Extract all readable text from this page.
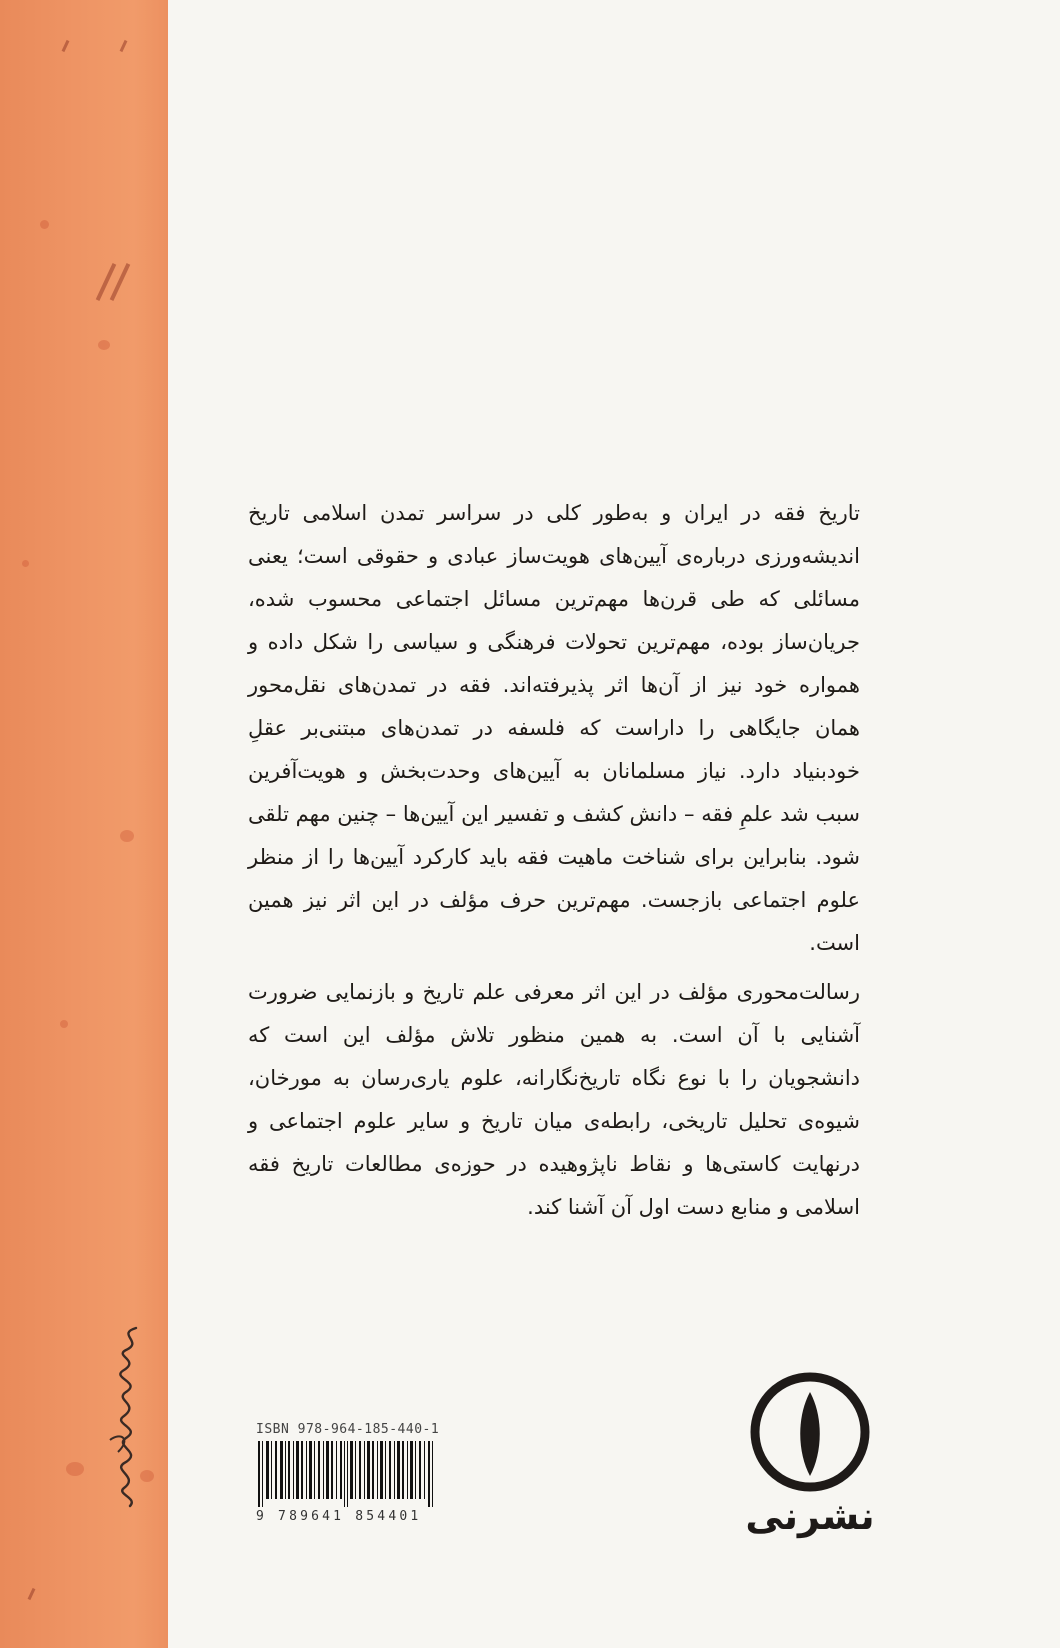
تاریخ فقه در ایران و به‌طور کلی در سراسر تمدن اسلامی تاریخ اندیشه‌ورزی درباره‌ی آیین‌های هویت‌ساز عبادی و حقوقی است؛ یعنی مسائلی که طی قرن‌ها مهم‌ترین مسائل اجتماعی محسوب شده، جریان‌ساز بوده، مهم‌ترین تحولات فرهنگی و سیاسی را شکل داده و همواره خود نیز از آن‌ها اثر پذیرفته‌اند. فقه در تمدن‌های نقل‌محور همان جایگاهی را داراست که فلسفه در تمدن‌های مبتنی‌بر عقلِ خودبنیاد دارد. نیاز مسلمانان به آیین‌های وحدت‌بخش و هویت‌آفرین سبب شد علمِ فقه – دانش کشف و تفسیر این آیین‌ها – چنین مهم تلقی شود. بنابراین برای شناخت ماهیت فقه باید کارکرد آیین‌ها را از منظر علوم اجتماعی بازجست. مهم‌ترین حرف مؤلف در این اثر نیز همین است.

رسالت‌محوری مؤلف در این اثر معرفی علم تاریخ و بازنمایی ضرورت آشنایی با آن است. به همین منظور تلاش مؤلف این است که دانشجویان را با نوع نگاه تاریخ‌نگارانه، علوم یاری‌رسان به مورخان، شیوه‌ی تحلیل تاریخی، رابطه‌ی میان تاریخ و سایر علوم اجتماعی و درنهایت کاستی‌ها و نقاط ناپژوهیده در حوزه‌ی مطالعات تاریخ فقه اسلامی و منابع دست اول آن آشنا کند.

ISBN 978-964-185-440-1
9 789641 854401	نشرنی
